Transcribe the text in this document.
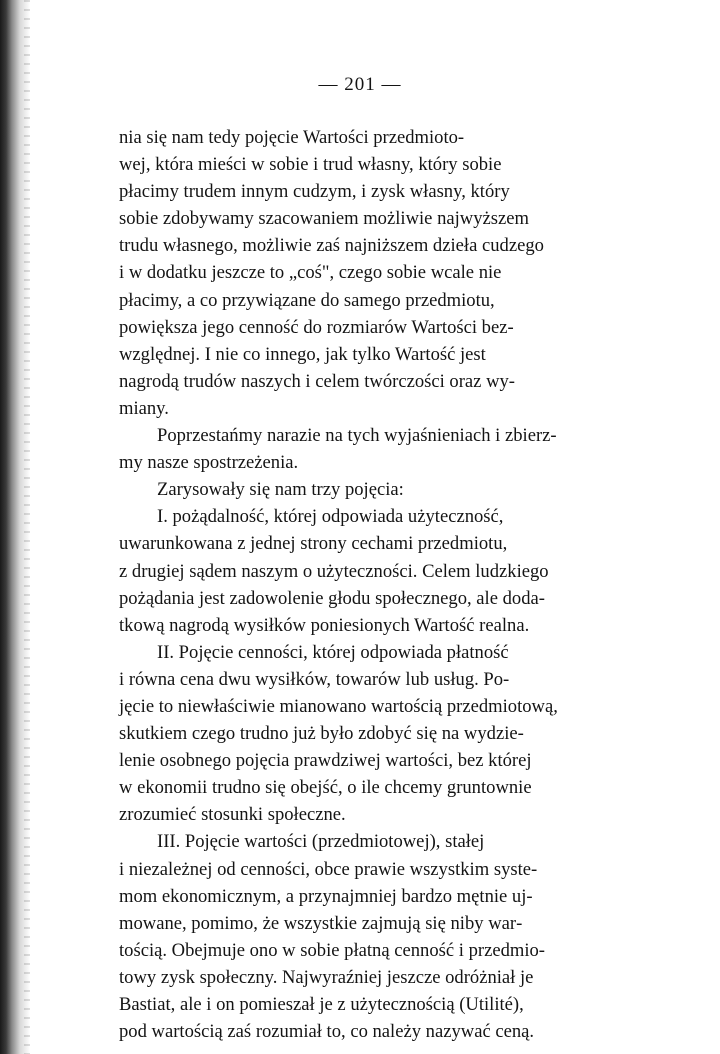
— 201 —
nia się nam tedy pojęcie Wartości przedmioto‑
wej, która mieści w sobie i trud własny, który sobie
płacimy trudem innym cudzym, i zysk własny, który
sobie zdobywamy szacowaniem możliwie najwyższem
trudu własnego, możliwie zaś najniższem dzieła cudzego
i w dodatku jeszcze to „coś", czego sobie wcale nie
płacimy, a co przywiązane do samego przedmiotu,
powiększa jego cenność do rozmiarów Wartości bez‑
względnej. I nie co innego, jak tylko Wartość jest
nagrodą trudów naszych i celem twórczości oraz wy‑
miany.
Poprzestańmy narazie na tych wyjaśnieniach i zbierz‑
my nasze spostrzeżenia.
Zarysowały się nam trzy pojęcia:
I. pożądalność, której odpowiada użyteczność,
uwarunkowana z jednej strony cechami przedmiotu,
z drugiej sądem naszym o użyteczności. Celem ludzkiego
pożądania jest zadowolenie głodu społecznego, ale doda‑
tkową nagrodą wysiłków poniesionych Wartość realna.
II. Pojęcie cenności, której odpowiada płatność
i równa cena dwu wysiłków, towarów lub usług. Po‑
jęcie to niewłaściwie mianowano wartością przedmiotową,
skutkiem czego trudno już było zdobyć się na wydzie‑
lenie osobnego pojęcia prawdziwej wartości, bez której
w ekonomii trudno się obejść, o ile chcemy gruntownie
zrozumieć stosunki społeczne.
III. Pojęcie wartości (przedmiotowej), stałej
i niezależnej od cenności, obce prawie wszystkim syste‑
mom ekonomicznym, a przynajmniej bardzo mętnie uj‑
mowane, pomimo, że wszystkie zajmują się niby war‑
tością. Obejmuje ono w sobie płatną cenność i przedmio‑
towy zysk społeczny. Najwyraźniej jeszcze odróżniał je
Bastiat, ale i on pomieszał je z użytecznością (Utilité),
pod wartością zaś rozumiał to, co należy nazywać ceną.
